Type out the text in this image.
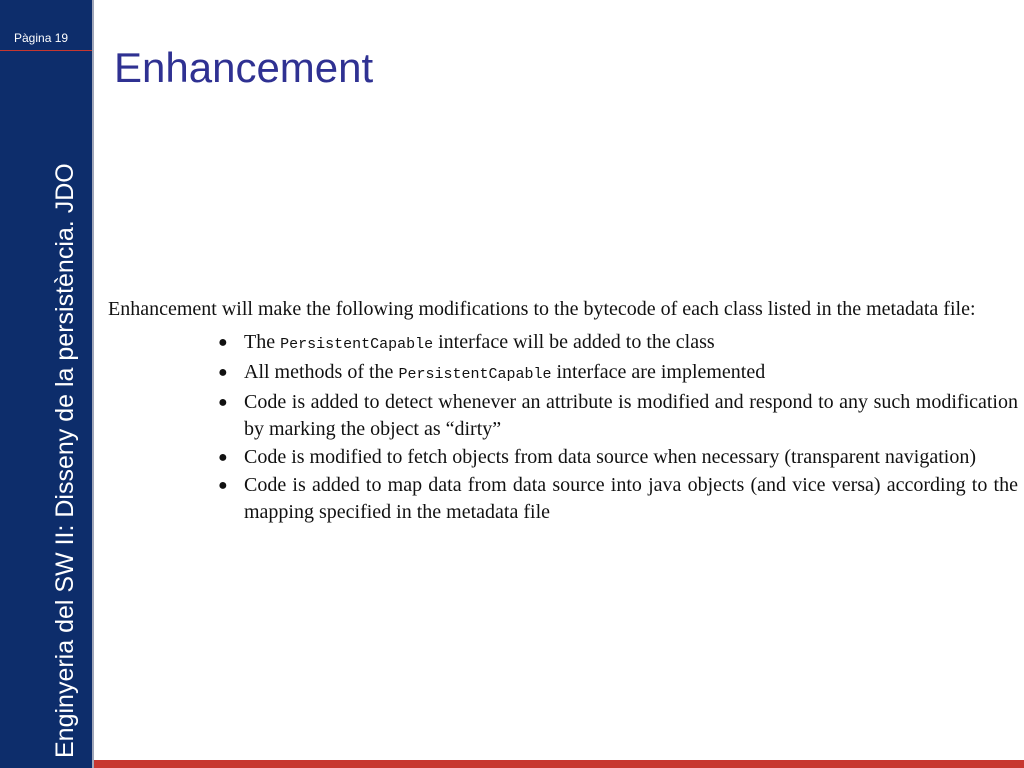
Pàgina 19
Enginyeria del SW II: Disseny de la persistència. JDO
Enhancement

Enhancement will make the following modifications to the bytecode of each class listed in the metadata file:

● The PersistentCapable interface will be added to the class
● All methods of the PersistentCapable interface are implemented
● Code is added to detect whenever an attribute is modified and respond to any such modification by marking the object as “dirty”
● Code is modified to fetch objects from data source when necessary (transparent navigation)
● Code is added to map data from data source into java objects (and vice versa) according to the mapping specified in the metadata file
